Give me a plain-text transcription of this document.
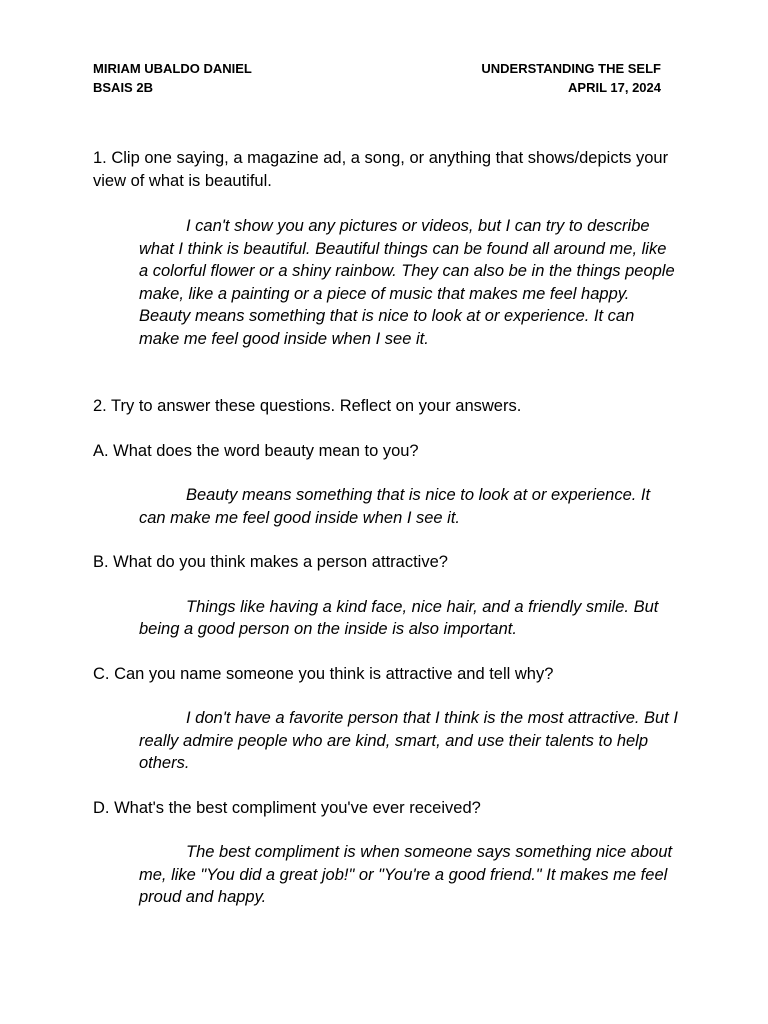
MIRIAM UBALDO DANIEL	UNDERSTANDING THE SELF
BSAIS 2B	APRIL 17, 2024

1. Clip one saying, a magazine ad, a song, or anything that shows/depicts your view of what is beautiful.

I can't show you any pictures or videos, but I can try to describe what I think is beautiful. Beautiful things can be found all around me, like a colorful flower or a shiny rainbow. They can also be in the things people make, like a painting or a piece of music that makes me feel happy. Beauty means something that is nice to look at or experience. It can make me feel good inside when I see it.

2. Try to answer these questions. Reflect on your answers.

A. What does the word beauty mean to you?

Beauty means something that is nice to look at or experience. It can make me feel good inside when I see it.

B. What do you think makes a person attractive?

Things like having a kind face, nice hair, and a friendly smile. But being a good person on the inside is also important.

C. Can you name someone you think is attractive and tell why?

I don't have a favorite person that I think is the most attractive. But I really admire people who are kind, smart, and use their talents to help others.

D. What's the best compliment you've ever received?

The best compliment is when someone says something nice about me, like "You did a great job!" or "You're a good friend." It makes me feel proud and happy.
